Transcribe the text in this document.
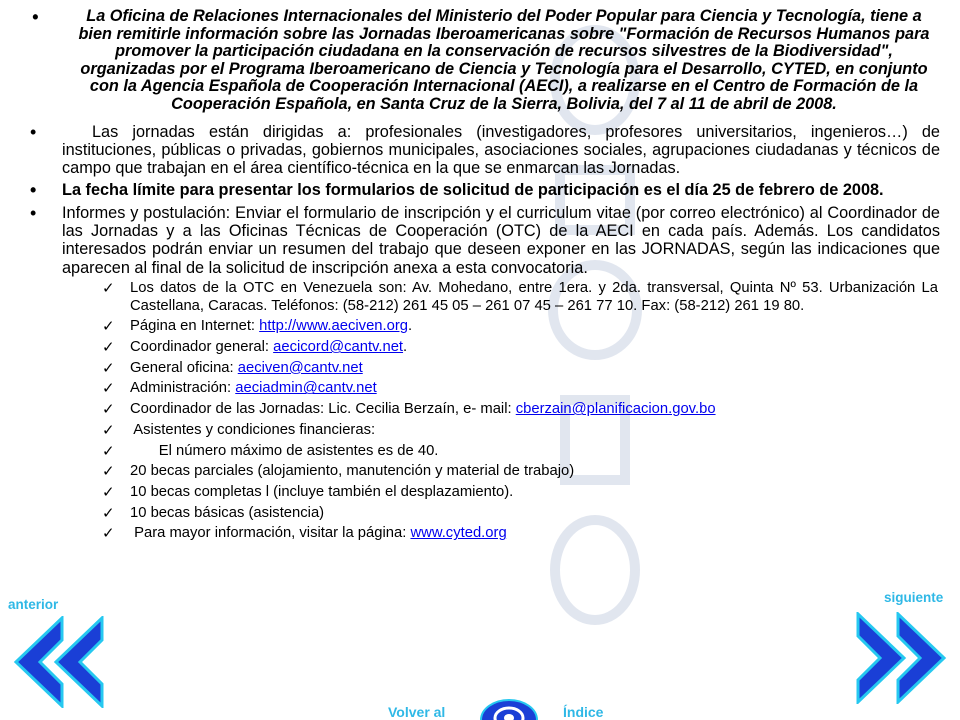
•	La Oficina de Relaciones Internacionales del Ministerio del Poder Popular para Ciencia y Tecnología, tiene a bien remitirle información sobre las Jornadas Iberoamericanas sobre "Formación de Recursos Humanos para promover la participación ciudadana en la conservación de recursos silvestres de la Biodiversidad", organizadas por el Programa Iberoamericano de Ciencia y Tecnología para el Desarrollo, CYTED, en conjunto con la Agencia Española de Cooperación Internacional (AECI), a realizarse en el Centro de Formación de la Cooperación Española, en Santa Cruz de la Sierra, Bolivia, del 7 al 11 de abril de 2008.
•	Las jornadas están dirigidas a: profesionales (investigadores, profesores universitarios, ingenieros…) de instituciones, públicas o privadas, gobiernos municipales, asociaciones sociales, agrupaciones ciudadanas y técnicos de campo que trabajan en el área científico-técnica en la que se enmarcan las Jornadas.
• La fecha límite para presentar los formularios de solicitud de participación es el día 25 de febrero de 2008.
• Informes y postulación: Enviar el formulario de inscripción y el curriculum vitae (por correo electrónico) al Coordinador de las Jornadas y a las Oficinas Técnicas de Cooperación (OTC) de la AECI en cada país. Además. Los candidatos interesados podrán enviar un resumen del trabajo que deseen exponer en las JORNADAS, según las indicaciones que aparecen al final de la solicitud de inscripción anexa a esta convocatoria.
✓ Los datos de la OTC en Venezuela son: Av. Mohedano, entre 1era. y 2da. transversal, Quinta Nº 53. Urbanización La Castellana, Caracas. Teléfonos: (58-212) 261 45 05 – 261 07 45 – 261 77 10. Fax: (58-212) 261 19 80.
✓ Página en Internet: http://www.aeciven.org.
✓ Coordinador general: aecicord@cantv.net.
✓ General oficina: aeciven@cantv.net
✓ Administración: aeciadmin@cantv.net
✓ Coordinador de las Jornadas: Lic. Cecilia Berzaín, e- mail: cberzain@planificacion.gov.bo
✓ Asistentes y condiciones financieras:
✓ El número máximo de asistentes es de 40.
✓ 20 becas parciales (alojamiento, manutención y material de trabajo)
✓ 10 becas completas l (incluye también el desplazamiento).
✓ 10 becas básicas (asistencia)
✓ Para mayor información, visitar la página: www.cyted.org
anterior	siguiente
Volver al	Índice
